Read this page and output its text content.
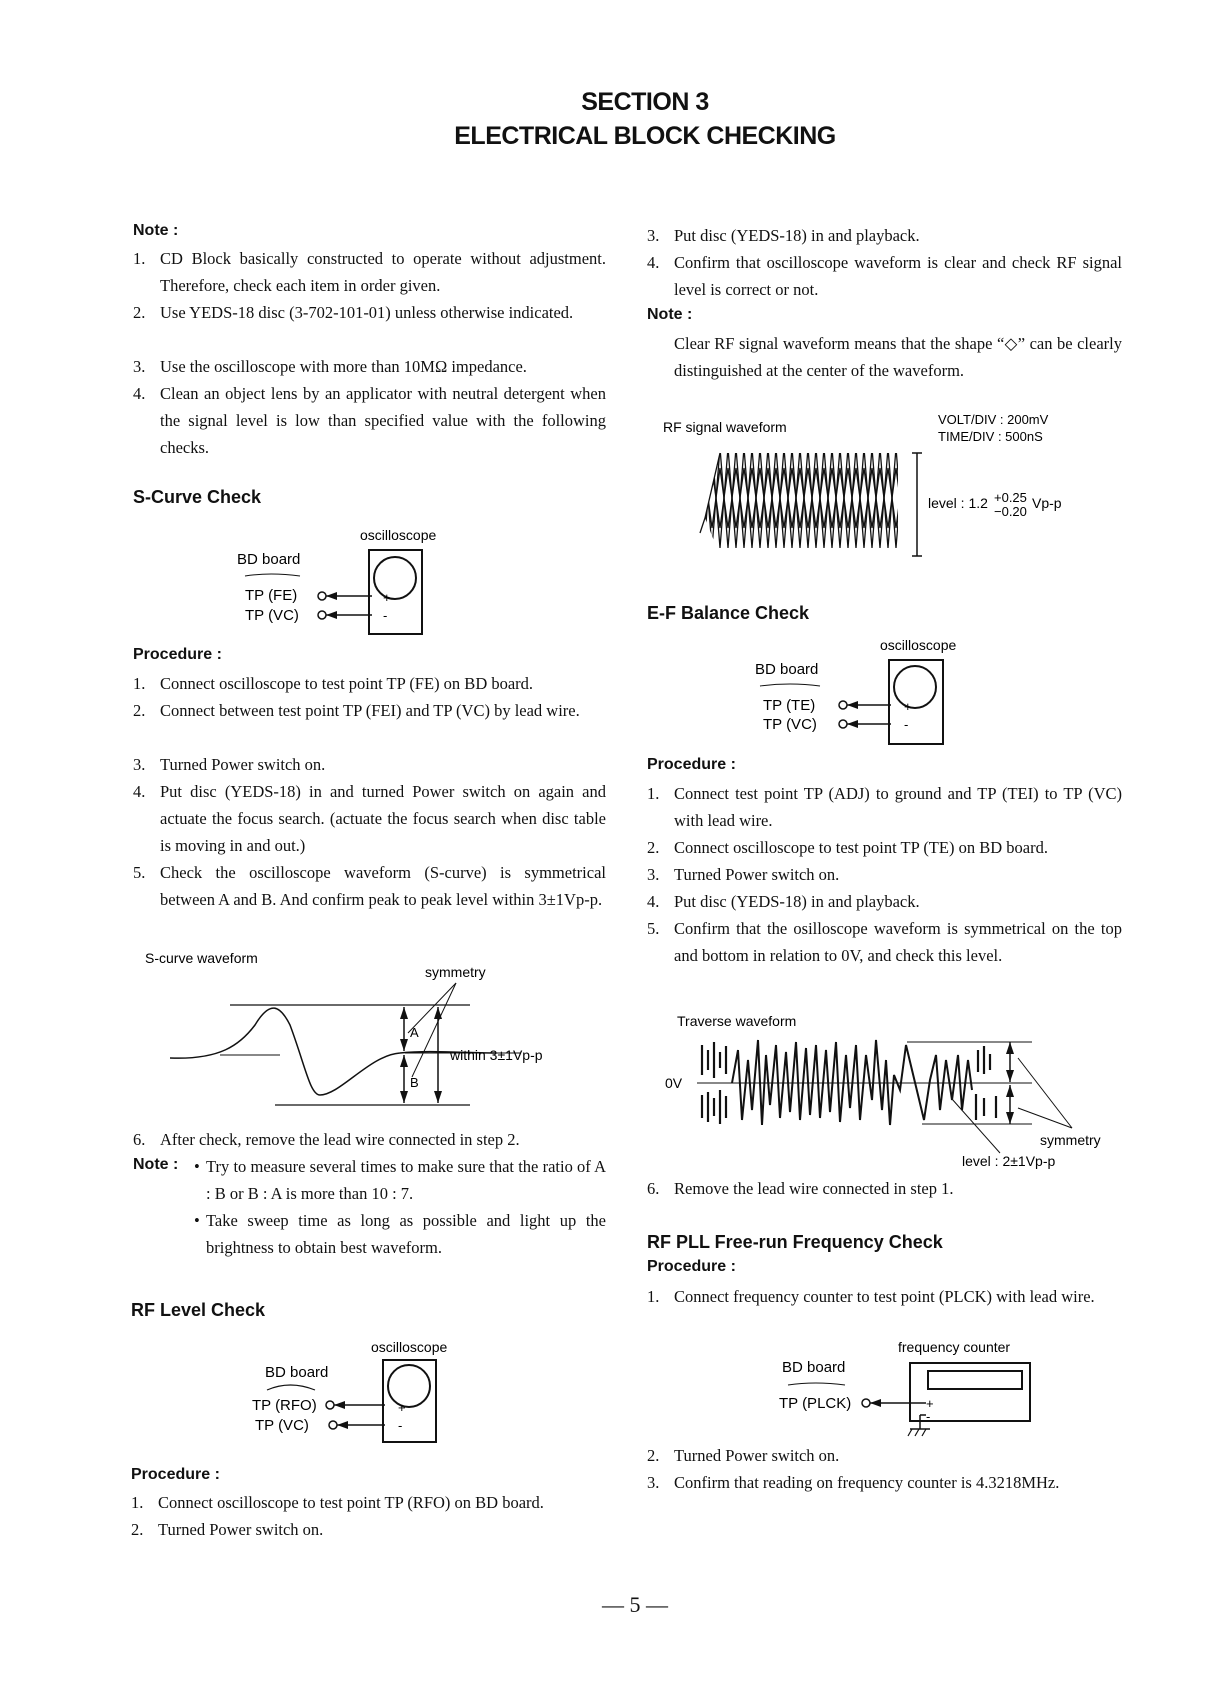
SECTION 3
ELECTRICAL BLOCK CHECKING
Note :
1. CD Block basically constructed to operate without adjustment. Therefore, check each item in order given.
2. Use YEDS-18 disc (3-702-101-01) unless otherwise indicated.
3. Use the oscilloscope with more than 10MΩ impedance.
4. Clean an object lens by an applicator with neutral detergent when the signal level is low than specified value with the following checks.
S-Curve Check
oscilloscope
BD board
TP (FE)
TP (VC)
+
-
Procedure :
1. Connect oscilloscope to test point TP (FE) on BD board.
2. Connect between test point TP (FEI) and TP (VC) by lead wire.
3. Turned Power switch on.
4. Put disc (YEDS-18) in and turned Power switch on again and actuate the focus search. (actuate the focus search when disc table is moving in and out.)
5. Check the oscilloscope waveform (S-curve) is symmetrical between A and B. And confirm peak to peak level within 3±1Vp-p.
S-curve waveform
symmetry
A
B
within 3±1Vp-p
6. After check, remove the lead wire connected in step 2.
Note : • Try to measure several times to make sure that the ratio of A : B or B : A is more than 10 : 7.
• Take sweep time as long as possible and light up the brightness to obtain best waveform.
RF Level Check
oscilloscope
BD board
TP (RFO)
TP (VC)
+
-
Procedure :
1. Connect oscilloscope to test point TP (RFO) on BD board.
2. Turned Power switch on.
3. Put disc (YEDS-18) in and playback.
4. Confirm that oscilloscope waveform is clear and check RF signal level is correct or not.
Note :
Clear RF signal waveform means that the shape “◇” can be clearly distinguished at the center of the waveform.
RF signal waveform	VOLT/DIV : 200mV
TIME/DIV : 500nS
level : 1.2 +0.25
−0.20
Vp-p
E-F Balance Check
oscilloscope
BD board
TP (TE)
TP (VC)
+
-
Procedure :
1. Connect test point TP (ADJ) to ground and TP (TEI) to TP (VC) with lead wire.
2. Connect oscilloscope to test point TP (TE) on BD board.
3. Turned Power switch on.
4. Put disc (YEDS-18) in and playback.
5. Confirm that the osilloscope waveform is symmetrical on the top and bottom in relation to 0V, and check this level.
Traverse waveform
0V
symmetry
level : 2±1Vp-p
6. Remove the lead wire connected in step 1.
RF PLL Free-run Frequency Check
Procedure :
1. Connect frequency counter to test point (PLCK) with lead wire.
frequency counter
BD board
TP (PLCK)	+
-
2. Turned Power switch on.
3. Confirm that reading on frequency counter is 4.3218MHz.
— 5 —
